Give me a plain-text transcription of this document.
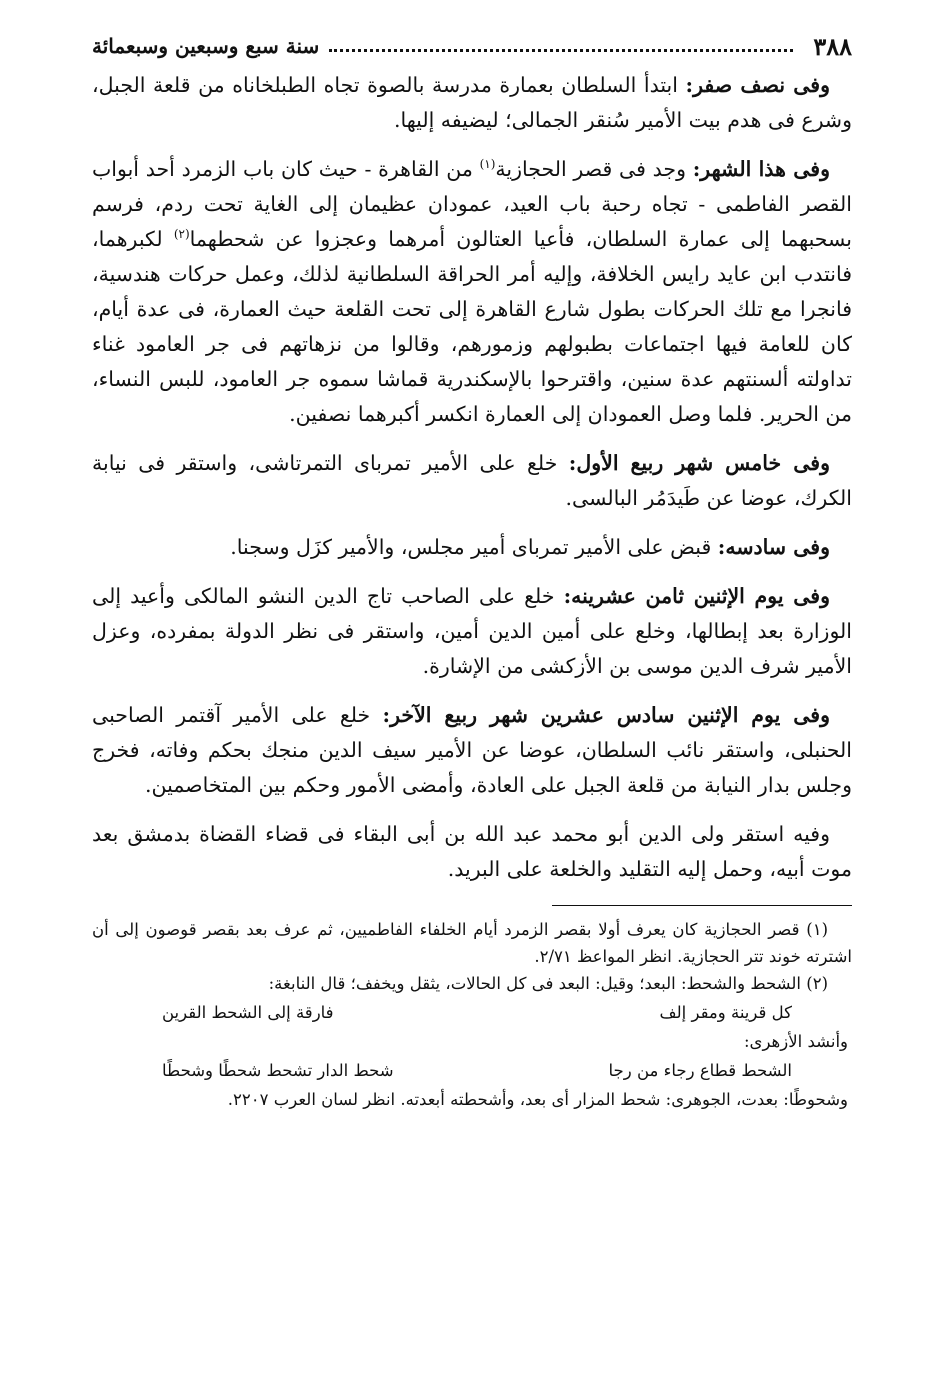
٣٨٨
سنة سبع وسبعين وسبعمائة

وفى نصف صفر: ابتدأ السلطان بعمارة مدرسة بالصوة تجاه الطبلخاناه من قلعة الجبل، وشرع فى هدم بيت الأمير سُنقر الجمالى؛ ليضيفه إليها.

وفى هذا الشهر: وجد فى قصر الحجازية$^{(١)}$ من القاهرة - حيث كان باب الزمرد أحد أبواب القصر الفاطمى - تجاه رحبة باب العيد، عمودان عظيمان إلى الغاية تحت ردم، فرسم بسحبهما إلى عمارة السلطان، فأعيا العتالون أمرهما وعجزوا عن شحطهما$^{(٢)}$ لكبرهما، فانتدب ابن عايد رايس الخلافة، وإليه أمر الحراقة السلطانية لذلك، وعمل حركات هندسية، فانجرا مع تلك الحركات بطول شارع القاهرة إلى تحت القلعة حيث العمارة، فى عدة أيام، كان للعامة فيها اجتماعات بطبولهم وزمورهم، وقالوا من نزهاتهم فى جر العامود غناء تداولته ألسنتهم عدة سنين، واقترحوا بالإسكندرية قماشا سموه جر العامود، للبس النساء، من الحرير. فلما وصل العمودان إلى العمارة انكسر أكبرهما نصفين.

وفى خامس شهر ربيع الأول: خلع على الأمير تمرباى التمرتاشى، واستقر فى نيابة الكرك، عوضا عن طَيدَمُر البالسى.

وفى سادسه: قبض على الأمير تمرباى أمير مجلس، والأمير كزَل وسجنا.

وفى يوم الإثنين ثامن عشرينه: خلع على الصاحب تاج الدين النشو المالكى وأعيد إلى الوزارة بعد إبطالها، وخلع على أمين الدين أمين، واستقر فى نظر الدولة بمفرده، وعزل الأمير شرف الدين موسى بن الأزكشى من الإشارة.

وفى يوم الإثنين سادس عشرين شهر ربيع الآخر: خلع على الأمير آقتمر الصاحبى الحنبلى، واستقر نائب السلطان، عوضا عن الأمير سيف الدين منجك بحكم وفاته، فخرج وجلس بدار النيابة من قلعة الجبل على العادة، وأمضى الأمور وحكم بين المتخاصمين.

وفيه استقر ولى الدين أبو محمد عبد الله بن أبى البقاء فى قضاء القضاة بدمشق بعد موت أبيه، وحمل إليه التقليد والخلعة على البريد.

(١) قصر الحجازية كان يعرف أولا بقصر الزمرد أيام الخلفاء الفاطميين، ثم عرف بعد بقصر قوصون إلى أن اشترته خوند تتر الحجازية. انظر المواعظ ٢/٧١.

(٢) الشحط والشحط: البعد؛ وقيل: البعد فى كل الحالات، يثقل ويخفف؛ قال النابغة:

كل قرينة ومقر إلف
فارقة إلى الشحط القرين

وأنشد الأزهرى:

الشحط قطاع رجاء من رجا
شحط الدار تشحط شحطًا وشحطًا

وشحوطًا: بعدت، الجوهرى: شحط المزار أى بعد، وأشحطته أبعدته. انظر لسان العرب ٢٢٠٧.
